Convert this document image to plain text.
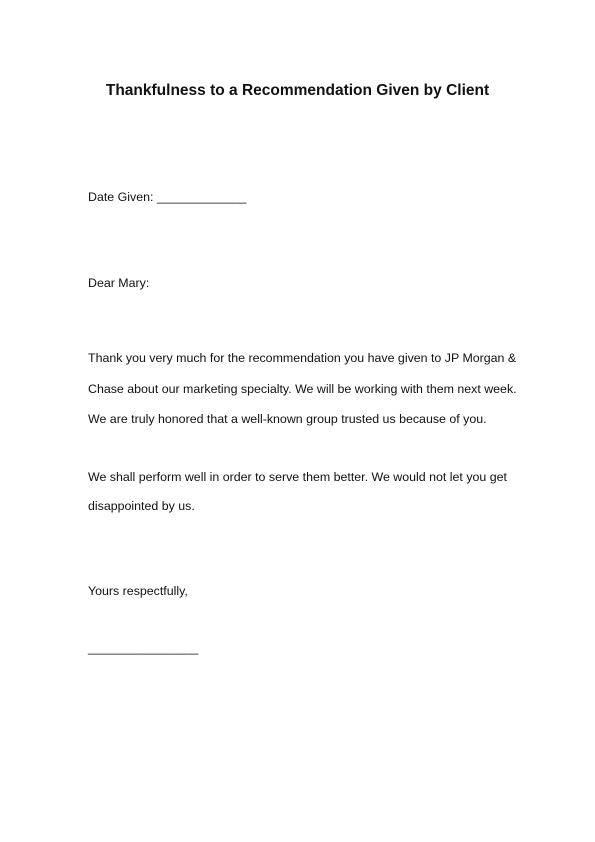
Thankfulness to a Recommendation Given by Client

Date Given: _____________

Dear Mary:

Thank you very much for the recommendation you have given to JP Morgan &

Chase about our marketing specialty. We will be working with them next week.

We are truly honored that a well-known group trusted us because of you.

We shall perform well in order to serve them better. We would not let you get

disappointed by us.

Yours respectfully,

________________
